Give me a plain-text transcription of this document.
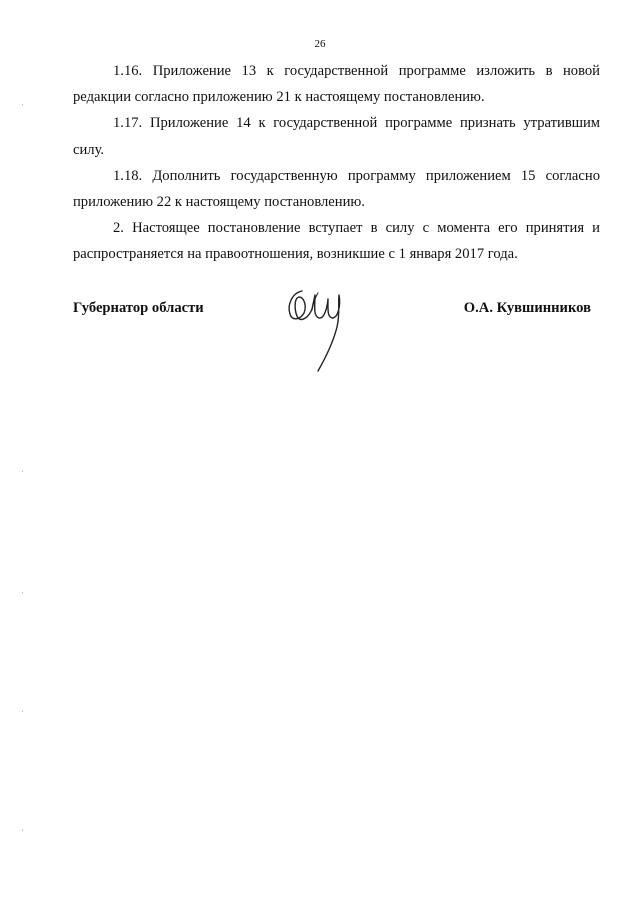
26

1.16. Приложение 13 к государственной программе изложить в новой редакции согласно приложению 21 к настоящему постановлению.

1.17. Приложение 14 к государственной программе признать утратившим силу.

1.18. Дополнить государственную программу приложением 15 согласно приложению 22 к настоящему постановлению.

2. Настоящее постановление вступает в силу с момента его принятия и распространяется на правоотношения, возникшие с 1 января 2017 года.

Губернатор области	О.А. Кувшинников
